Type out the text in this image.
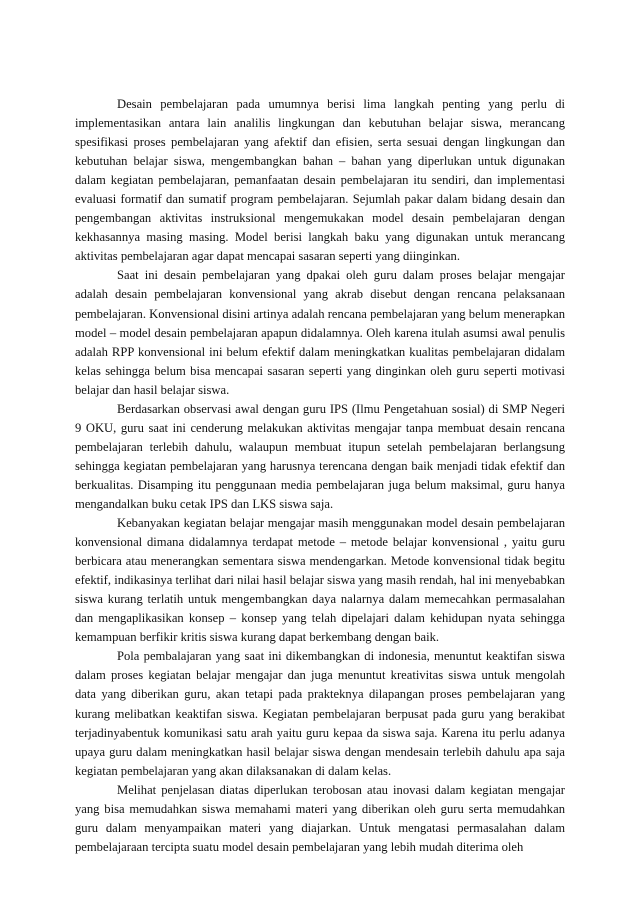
Desain pembelajaran pada umumnya berisi lima langkah penting yang perlu di implementasikan antara lain analilis lingkungan dan kebutuhan belajar siswa, merancang spesifikasi proses pembelajaran yang afektif dan efisien, serta sesuai dengan lingkungan dan kebutuhan belajar siswa, mengembangkan bahan – bahan yang diperlukan untuk digunakan dalam kegiatan pembelajaran, pemanfaatan desain pembelajaran itu sendiri, dan implementasi evaluasi formatif dan sumatif program pembelajaran. Sejumlah pakar dalam bidang desain dan pengembangan aktivitas instruksional mengemukakan model desain pembelajaran dengan kekhasannya masing masing. Model berisi langkah baku yang digunakan untuk merancang aktivitas pembelajaran agar dapat mencapai sasaran seperti yang diinginkan.

Saat ini desain pembelajaran yang dpakai oleh guru dalam proses belajar mengajar adalah desain pembelajaran konvensional yang akrab disebut dengan rencana pelaksanaan pembelajaran. Konvensional disini artinya adalah rencana pembelajaran yang belum menerapkan model – model desain pembelajaran apapun didalamnya. Oleh karena itulah asumsi awal penulis adalah RPP konvensional ini belum efektif dalam meningkatkan kualitas pembelajaran didalam kelas sehingga belum bisa mencapai sasaran seperti yang dinginkan oleh guru seperti motivasi belajar dan hasil belajar siswa.

Berdasarkan observasi awal dengan guru IPS (Ilmu Pengetahuan sosial) di SMP Negeri 9 OKU, guru saat ini cenderung melakukan aktivitas mengajar tanpa membuat desain rencana pembelajaran terlebih dahulu, walaupun membuat itupun setelah pembelajaran berlangsung sehingga kegiatan pembelajaran yang harusnya terencana dengan baik menjadi tidak efektif dan berkualitas. Disamping itu penggunaan media pembelajaran juga belum maksimal, guru hanya mengandalkan buku cetak IPS dan LKS siswa saja.

Kebanyakan kegiatan belajar mengajar masih menggunakan model desain pembelajaran konvensional dimana didalamnya terdapat metode – metode belajar konvensional , yaitu guru berbicara atau menerangkan sementara siswa mendengarkan. Metode konvensional tidak begitu efektif, indikasinya terlihat dari nilai hasil belajar siswa yang masih rendah, hal ini menyebabkan siswa kurang terlatih untuk mengembangkan daya nalarnya dalam memecahkan permasalahan dan mengaplikasikan konsep – konsep yang telah dipelajari dalam kehidupan nyata sehingga kemampuan berfikir kritis siswa kurang dapat berkembang dengan baik.

Pola pembalajaran yang saat ini dikembangkan di indonesia, menuntut keaktifan siswa dalam proses kegiatan belajar mengajar dan juga menuntut kreativitas siswa untuk mengolah data yang diberikan guru, akan tetapi pada prakteknya dilapangan proses pembelajaran yang kurang melibatkan keaktifan siswa. Kegiatan pembelajaran berpusat pada guru yang berakibat terjadinyabentuk komunikasi satu arah yaitu guru kepaa da siswa saja. Karena itu perlu adanya upaya guru dalam meningkatkan hasil belajar siswa dengan mendesain terlebih dahulu apa saja kegiatan pembelajaran yang akan dilaksanakan di dalam kelas.

Melihat penjelasan diatas diperlukan terobosan atau inovasi dalam kegiatan mengajar yang bisa memudahkan siswa memahami materi yang diberikan oleh guru serta memudahkan guru dalam menyampaikan materi yang diajarkan. Untuk mengatasi permasalahan dalam pembelajaraan tercipta suatu model desain pembelajaran yang lebih mudah diterima oleh
